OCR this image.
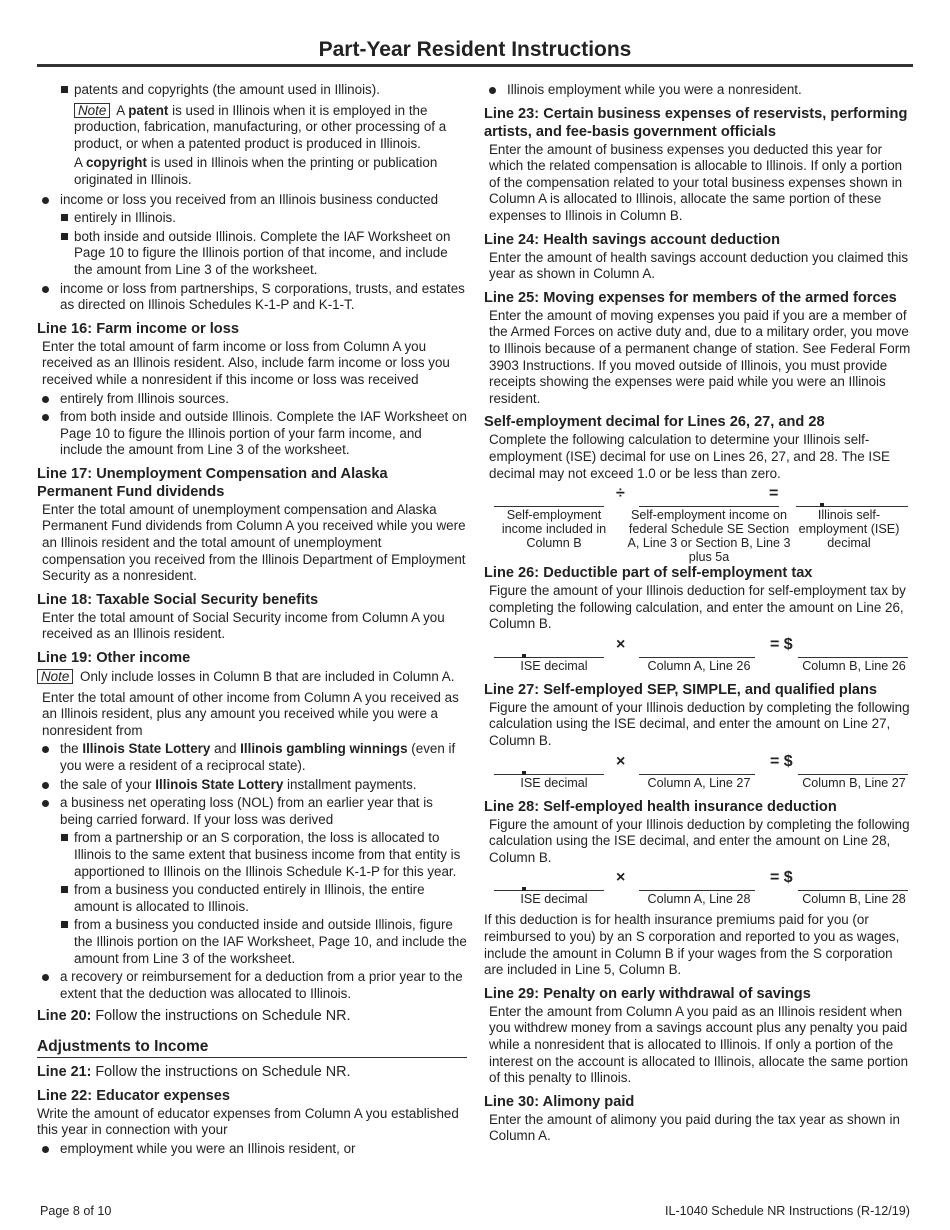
Part-Year Resident Instructions

patents and copyrights (the amount used in Illinois).

Note A patent is used in Illinois when it is employed in the production, fabrication, manufacturing, or other processing of a product, or when a patented product is produced in Illinois.

A copyright is used in Illinois when the printing or publication originated in Illinois.

income or loss you received from an Illinois business conducted

entirely in Illinois.

both inside and outside Illinois. Complete the IAF Worksheet on Page 10 to figure the Illinois portion of that income, and include the amount from Line 3 of the worksheet.

income or loss from partnerships, S corporations, trusts, and estates as directed on Illinois Schedules K-1-P and K-1-T.

Line 16: Farm income or loss

Enter the total amount of farm income or loss from Column A you received as an Illinois resident. Also, include farm income or loss you received while a nonresident if this income or loss was received

entirely from Illinois sources.

from both inside and outside Illinois. Complete the IAF Worksheet on Page 10 to figure the Illinois portion of your farm income, and include the amount from Line 3 of the worksheet.

Line 17: Unemployment Compensation and Alaska Permanent Fund dividends

Enter the total amount of unemployment compensation and Alaska Permanent Fund dividends from Column A you received while you were an Illinois resident and the total amount of unemployment compensation you received from the Illinois Department of Employment Security as a nonresident.

Line 18: Taxable Social Security benefits

Enter the total amount of Social Security income from Column A you received as an Illinois resident.

Line 19: Other income

Note Only include losses in Column B that are included in Column A.

Enter the total amount of other income from Column A you received as an Illinois resident, plus any amount you received while you were a nonresident from

the Illinois State Lottery and Illinois gambling winnings (even if you were a resident of a reciprocal state).

the sale of your Illinois State Lottery installment payments.

a business net operating loss (NOL) from an earlier year that is being carried forward. If your loss was derived

from a partnership or an S corporation, the loss is allocated to Illinois to the same extent that business income from that entity is apportioned to Illinois on the Illinois Schedule K-1-P for this year.

from a business you conducted entirely in Illinois, the entire amount is allocated to Illinois.

from a business you conducted inside and outside Illinois, figure the Illinois portion on the IAF Worksheet, Page 10, and include the amount from Line 3 of the worksheet.

a recovery or reimbursement for a deduction from a prior year to the extent that the deduction was allocated to Illinois.

Line 20: Follow the instructions on Schedule NR.

Adjustments to Income

Line 21: Follow the instructions on Schedule NR.

Line 22: Educator expenses

Write the amount of educator expenses from Column A you established this year in connection with your

employment while you were an Illinois resident, or

Illinois employment while you were a nonresident.

Line 23: Certain business expenses of reservists, performing artists, and fee-basis government officials

Enter the amount of business expenses you deducted this year for which the related compensation is allocable to Illinois. If only a portion of the compensation related to your total business expenses shown in Column A is allocated to Illinois, allocate the same portion of these expenses to Illinois in Column B.

Line 24: Health savings account deduction

Enter the amount of health savings account deduction you claimed this year as shown in Column A.

Line 25: Moving expenses for members of the armed forces

Enter the amount of moving expenses you paid if you are a member of the Armed Forces on active duty and, due to a military order, you move to Illinois because of a permanent change of station. See Federal Form 3903 Instructions. If you moved outside of Illinois, you must provide receipts showing the expenses were paid while you were an Illinois resident.

Self-employment decimal for Lines 26, 27, and 28

Complete the following calculation to determine your Illinois self-employment (ISE) decimal for use on Lines 26, 27, and 28. The ISE decimal may not exceed 1.0 or be less than zero.

÷	=
Self-employment income included in Column B
Self-employment income on federal Schedule SE Section A, Line 3 or Section B, Line 3 plus 5a
Illinois self-employment (ISE) decimal
Line 26: Deductible part of self-employment tax

Figure the amount of your Illinois deduction for self-employment tax by completing the following calculation, and enter the amount on Line 26, Column B.

×	= $
ISE decimal	Column A, Line 26	Column B, Line 26
Line 27: Self-employed SEP, SIMPLE, and qualified plans

Figure the amount of your Illinois deduction by completing the following calculation using the ISE decimal, and enter the amount on Line 27, Column B.

×	= $
ISE decimal	Column A, Line 27	Column B, Line 27
Line 28: Self-employed health insurance deduction

Figure the amount of your Illinois deduction by completing the following calculation using the ISE decimal, and enter the amount on Line 28, Column B.

×	= $
ISE decimal	Column A, Line 28	Column B, Line 28

If this deduction is for health insurance premiums paid for you (or reimbursed to you) by an S corporation and reported to you as wages, include the amount in Column B if your wages from the S corporation are included in Line 5, Column B.

Line 29: Penalty on early withdrawal of savings

Enter the amount from Column A you paid as an Illinois resident when you withdrew money from a savings account plus any penalty you paid while a nonresident that is allocated to Illinois. If only a portion of the interest on the account is allocated to Illinois, allocate the same portion of this penalty to Illinois.

Line 30: Alimony paid

Enter the amount of alimony you paid during the tax year as shown in Column A.

Page 8 of 10	IL-1040 Schedule NR Instructions (R-12/19)
